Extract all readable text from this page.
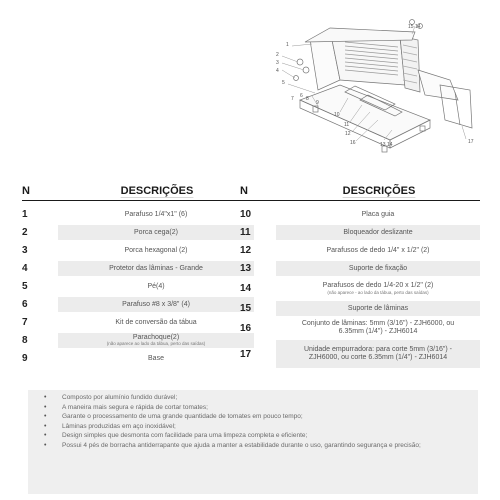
1
2
3
4
5
6
7 8
9
10
11
12
16	13 14	17
15 14
N	DESCRIÇÕES
1	Parafuso 1/4"x1" (6)
2	Porca cega(2)
3	Porca hexagonal (2)
4	Protetor das lâminas - Grande
5	Pé(4)
6	Parafuso #8 x 3/8" (4)
7	Kit de conversão da tábua
8	Parachoque(2)
(não aparece ao lado da tábua, perto das saídas)
9	Base
N	DESCRIÇÕES
10	Placa guia
11	Bloqueador deslizante
12	Parafusos de dedo 1/4" x 1/2" (2)
13	Suporte de fixação
14	Parafusos de dedo 1/4-20 x 1/2" (2)
(não aparece - ao lado da tábua, perto das saídas)
15	Suporte de lâminas
16	Conjunto de lâminas: 5mm (3/16") - ZJH6000, ou 6.35mm (1/4") - ZJH6014
17	Unidade empurradora: para corte 5mm (3/16") - ZJH6000, ou corte 6.35mm (1/4") - ZJH6014
• Composto por alumínio fundido durável;
• A maneira mais segura e rápida de cortar tomates;
• Garante o processamento de uma grande quantidade de tomates em pouco tempo;
• Lâminas produzidas em aço inoxidável;
• Design simples que desmonta com facilidade para uma limpeza completa e eficiente;
• Possui 4 pés de borracha antiderrapante que ajuda a manter a estabilidade durante o uso, garantindo segurança e precisão;
